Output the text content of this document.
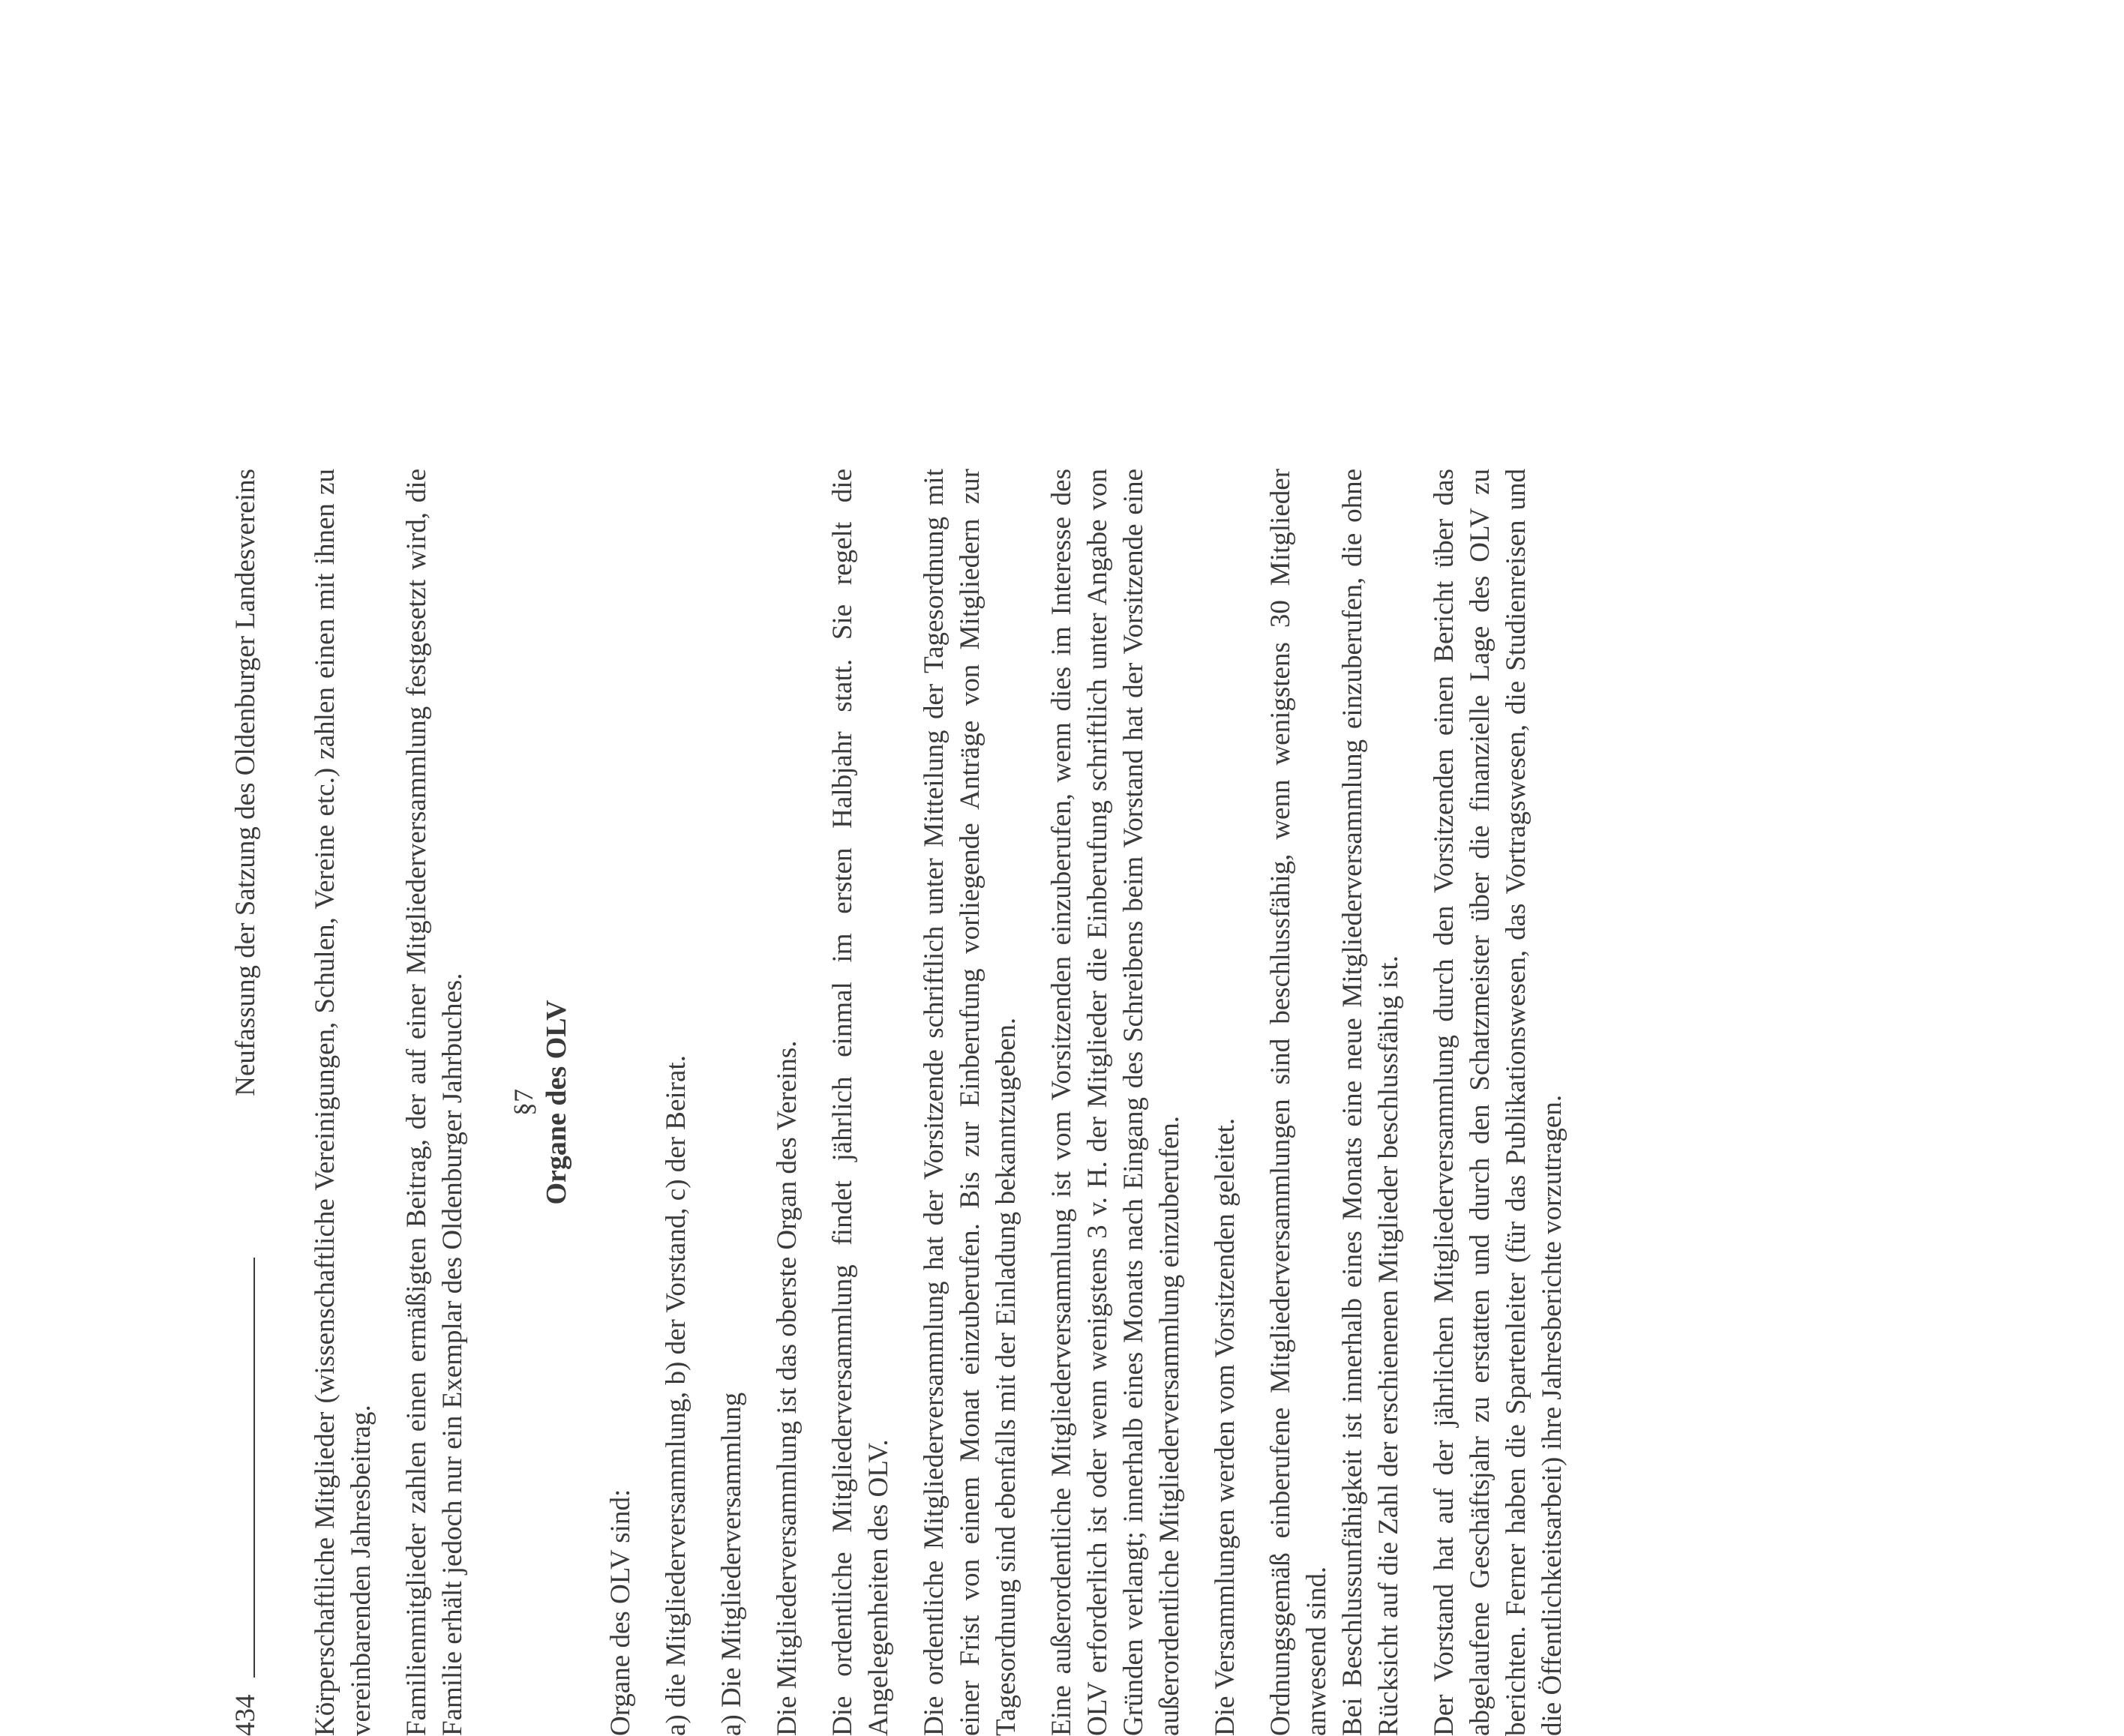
434
Neufassung der Satzung des Oldenburger Landesvereins Körperschaftliche Mitglieder (wissenschaftliche Vereinigungen, Schulen, Vereine etc.) zahlen einen mit ihnen zu vereinbarenden Jahresbeitrag. Familienmitglieder zahlen einen ermäßigten Beitrag, der auf einer Mitgliederversammlung festgesetzt wird, die Familie erhält jedoch nur ein Exemplar des Oldenburger Jahrbuches. §7 Organe des OLV

Organe des OLV sind: a) die Mitgliederversammlung, b) der Vorstand, c) der Beirat. a) Die Mitgliederversammlung Die Mitgliederversammlung ist das oberste Organ des Vereins. Die ordentliche Mitgliederversammlung findet jährlich einmal im ersten Halbjahr statt. Sie regelt die Angelegenheiten des OLV. Die ordentliche Mitgliederversammlung hat der Vorsitzende schriftlich unter Mitteilung der Tagesordnung mit einer Frist von einem Monat einzuberufen. Bis zur Einberufung vorliegende Anträge von Mitgliedern zur Tagesordnung sind ebenfalls mit der Einladung bekanntzugeben. Eine außerordentliche Mitgliederversammlung ist vom Vorsitzenden einzuberufen, wenn dies im Interesse des OLV erforderlich ist oder wenn wenigstens 3 v. H. der Mitglieder die Einberufung schriftlich unter Angabe von Gründen verlangt; innerhalb eines Monats nach Eingang des Schreibens beim Vorstand hat der Vorsitzende eine außerordentliche Mitgliederversammlung einzuberufen. Die Versammlungen werden vom Vorsitzenden geleitet. Ordnungsgemäß einberufene Mitgliederversammlungen sind beschlussfähig, wenn wenigstens 30 Mitglieder anwesend sind.
Bei Beschlussunfähigkeit ist innerhalb eines Monats eine neue Mitgliederversammlung einzuberufen, die ohne Rücksicht auf die Zahl der erschienenen Mitglieder beschlussfähig ist. Der Vorstand hat auf der jährlichen Mitgliederversammlung durch den Vorsitzenden einen Bericht über das abgelaufene Geschäftsjahr zu erstatten und durch den Schatzmeister über die finanzielle Lage des OLV zu berichten. Ferner haben die Spartenleiter (für das Publikationswesen, das Vortragswesen, die Studienreisen und die Öffentlichkeitsarbeit) ihre Jahresberichte vorzutragen.
